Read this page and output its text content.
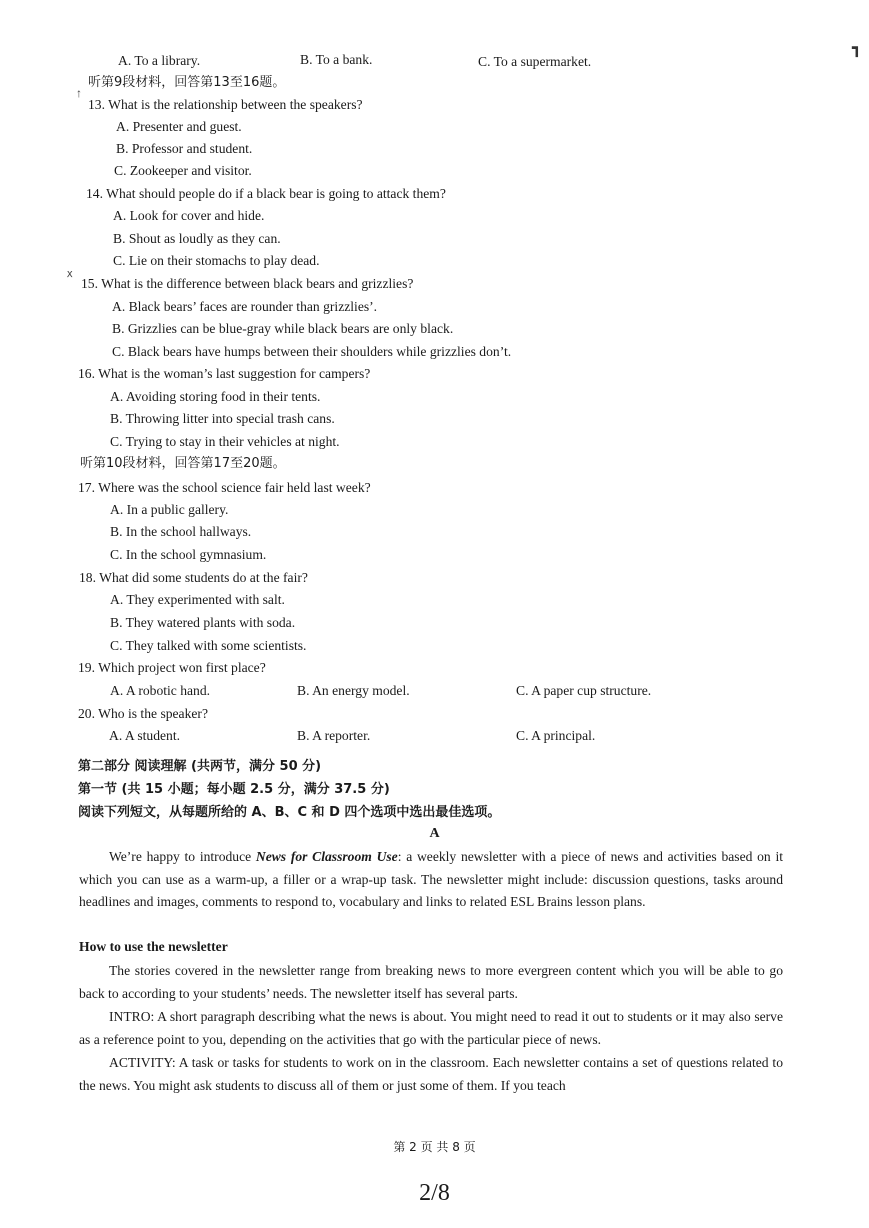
┓
A. To a library.	B. To a bank.	C. To a supermarket.
听第9段材料，回答第13至16题。
↑
13. What is the relationship between the speakers?
A. Presenter and guest.
B. Professor and student.
C. Zookeeper and visitor.
14. What should people do if a black bear is going to attack them?
A. Look for cover and hide.
B. Shout as loudly as they can.
C. Lie on their stomachs to play dead.
ᕽ 15. What is the difference between black bears and grizzlies?
A. Black bears’ faces are rounder than grizzlies’.
B. Grizzlies can be blue-gray while black bears are only black.
C. Black bears have humps between their shoulders while grizzlies don’t.
16. What is the woman’s last suggestion for campers?
A. Avoiding storing food in their tents.
B. Throwing litter into special trash cans.
C. Trying to stay in their vehicles at night.
听第10段材料，回答第17至20题。
17. Where was the school science fair held last week?
A. In a public gallery.
B. In the school hallways.
C. In the school gymnasium.
18. What did some students do at the fair?
A. They experimented with salt.
B. They watered plants with soda.
C. They talked with some scientists.
19. Which project won first place?
A. A robotic hand.	B. An energy model.	C. A paper cup structure.
20. Who is the speaker?
A. A student.	B. A reporter.	C. A principal.
第二部分 阅读理解 (共两节，满分 50 分)
第一节 (共 15 小题；每小题 2.5 分，满分 37.5 分)
阅读下列短文，从每题所给的 A、B、C 和 D 四个选项中选出最佳选项。
A
We’re happy to introduce News for Classroom Use: a weekly newsletter with a piece of news and activities based on it which you can use as a warm-up, a filler or a wrap-up task. The newsletter might include: discussion questions, tasks around headlines and images, comments to respond to, vocabulary and links to related ESL Brains lesson plans.
How to use the newsletter
The stories covered in the newsletter range from breaking news to more evergreen content which you will be able to go back to according to your students’ needs. The newsletter itself has several parts.
INTRO: A short paragraph describing what the news is about. You might need to read it out to students or it may also serve as a reference point to you, depending on the activities that go with the particular piece of news.
ACTIVITY: A task or tasks for students to work on in the classroom. Each newsletter contains a set of questions related to the news. You might ask students to discuss all of them or just some of them. If you teach
第 2 页 共 8 页
2/8
